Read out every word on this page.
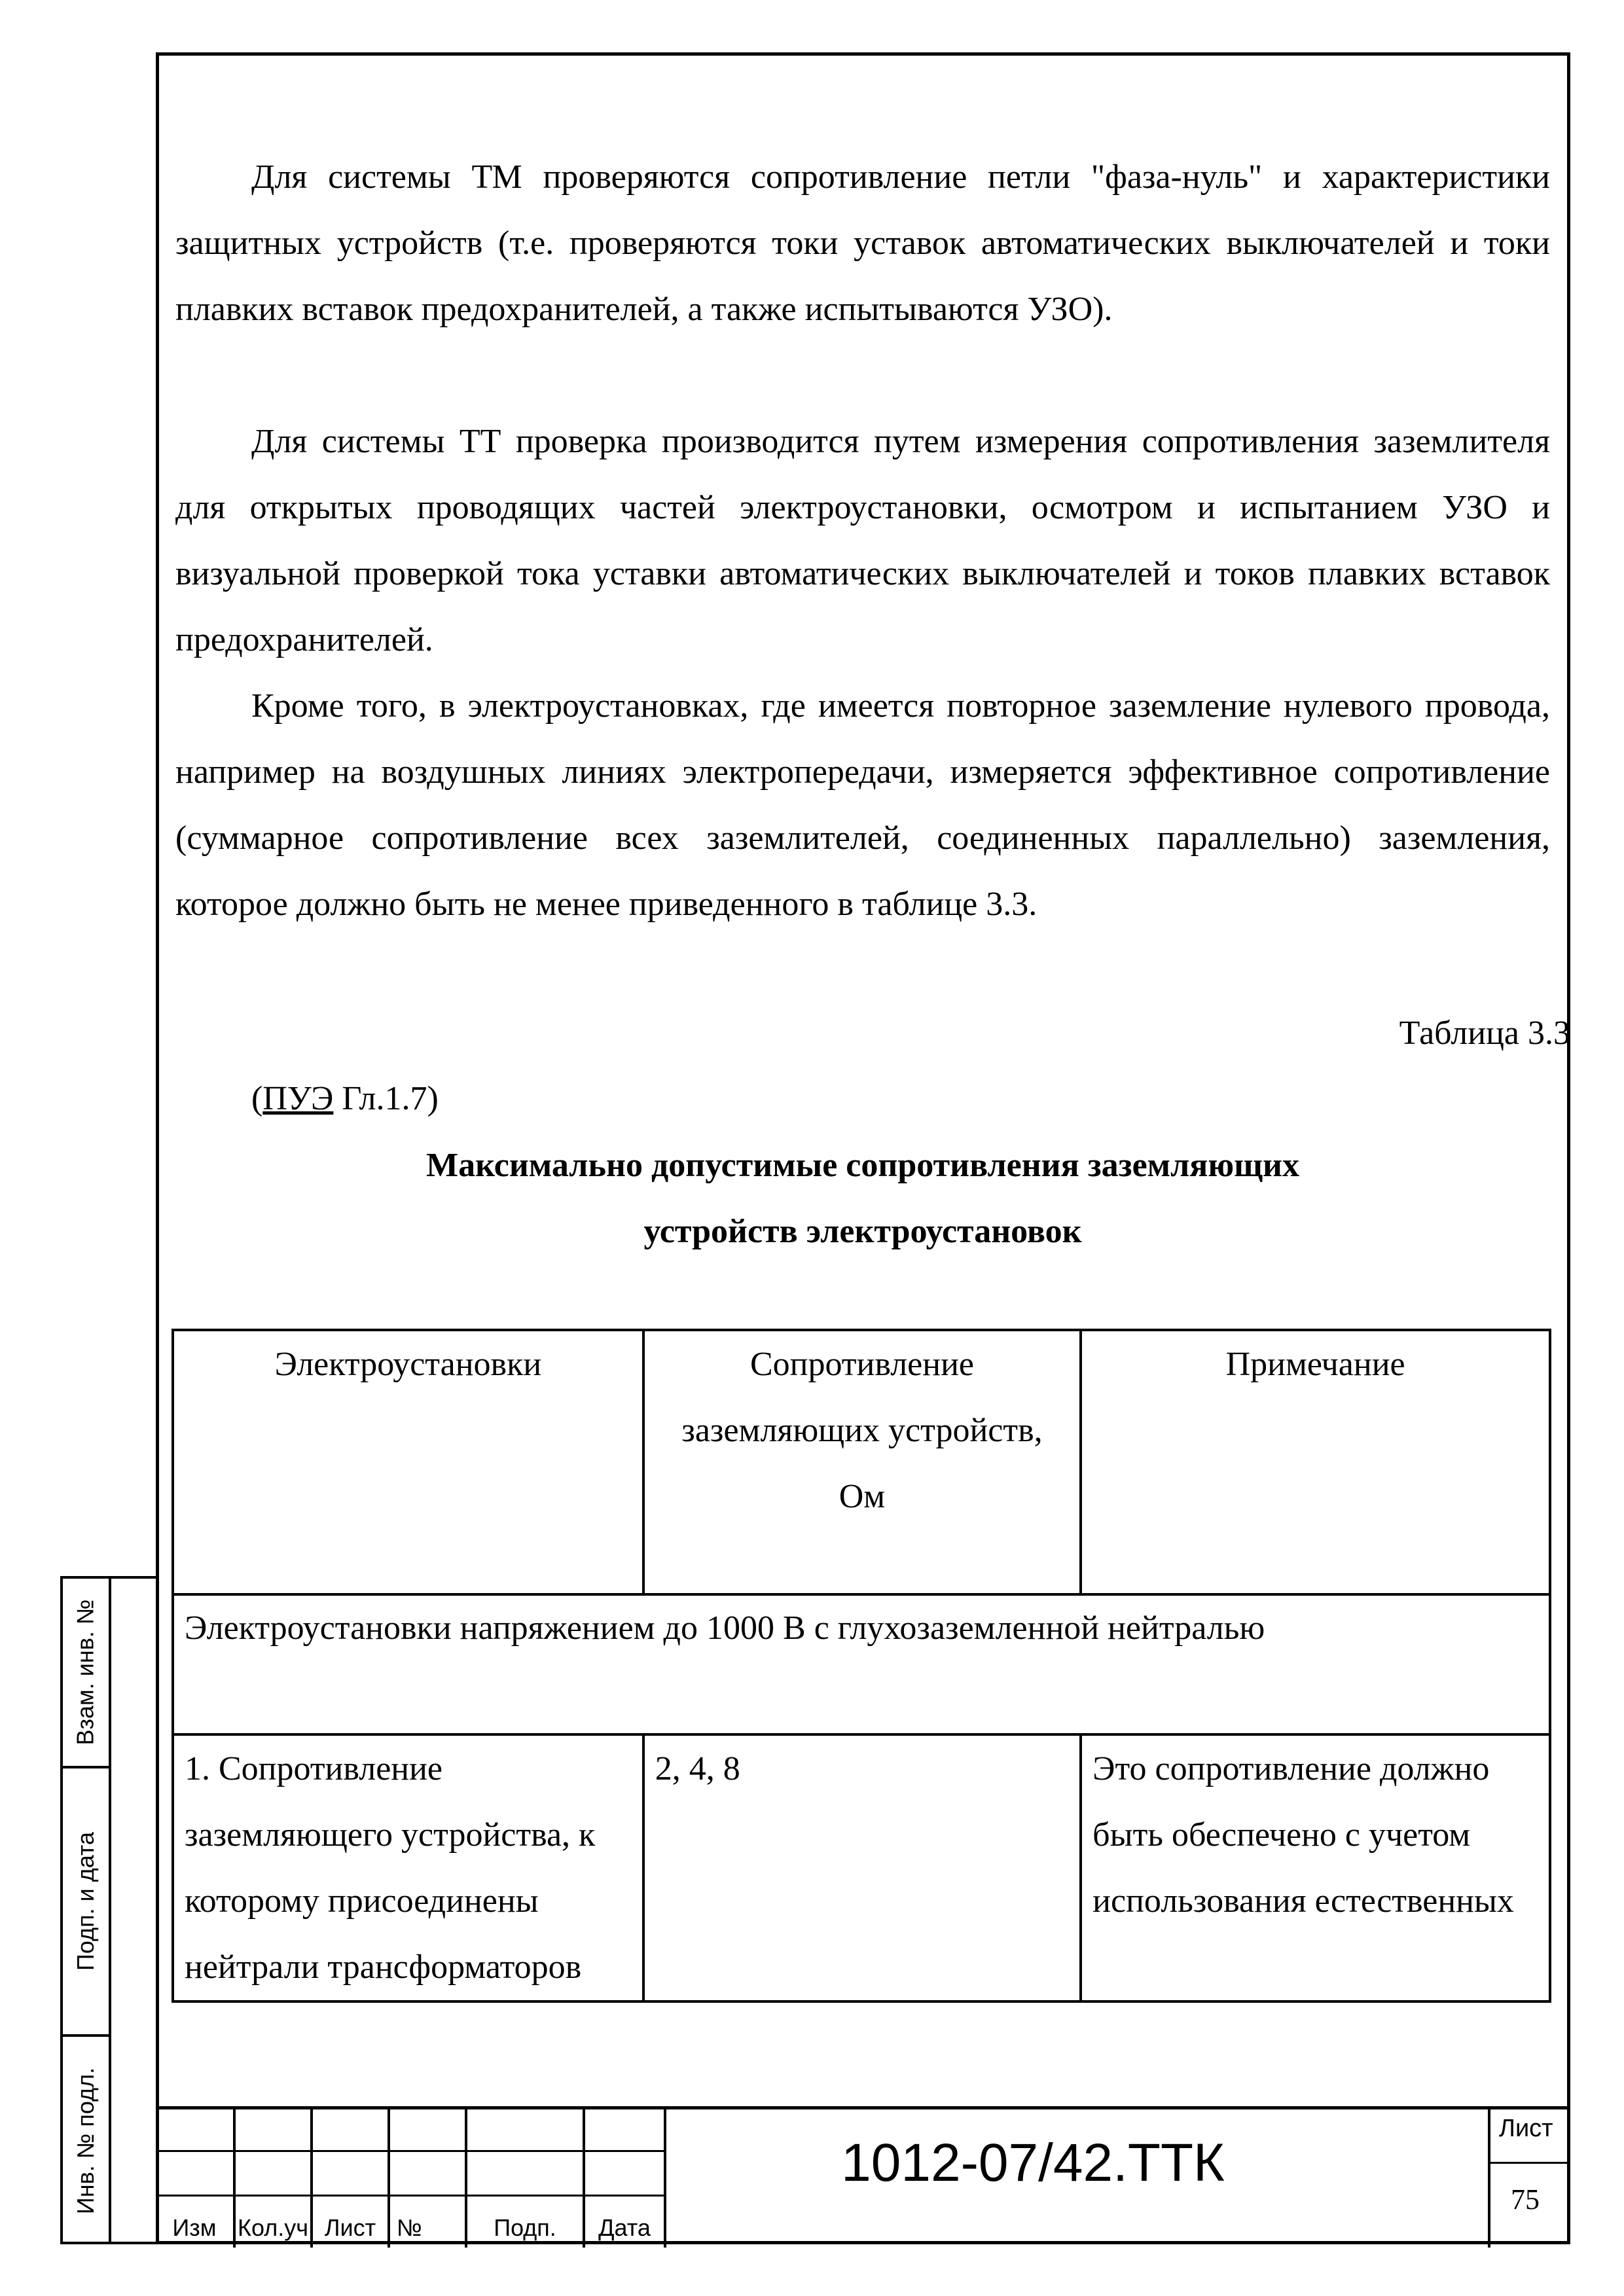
Для системы ТМ проверяются сопротивление петли "фаза-нуль" и характеристики защитных устройств (т.е. проверяются токи уставок автоматических выключателей и токи плавких вставок предохранителей, а также испытываются УЗО).

Для системы ТТ проверка производится путем измерения сопротивления заземлителя для открытых проводящих частей электроустановки, осмотром и испытанием УЗО и визуальной проверкой тока уставки автоматических выключателей и токов плавких вставок предохранителей.

Кроме того, в электроустановках, где имеется повторное заземление нулевого провода, например на воздушных линиях электропередачи, измеряется эффективное сопротивление (суммарное сопротивление всех заземлителей, соединенных параллельно) заземления, которое должно быть не менее приведенного в таблице 3.3.

Таблица 3.3
(ПУЭ Гл.1.7)
Максимально допустимые сопротивления заземляющих
устройств электроустановок
Электроустановки	Сопротивление заземляющих устройств, Ом	Примечание
Электроустановки напряжением до 1000 В с глухозаземленной нейтралью		
1. Сопротивление заземляющего устройства, к которому присоединены нейтрали трансформаторов	2, 4, 8	Это сопротивление должно быть обеспечено с учетом использования естественных
Взам. инв. №
Подп. и дата
Инв. № подл.
Изм Кол.уч Лист №	Подп.	Дата
1012-07/42.ТТК
Лист
75
